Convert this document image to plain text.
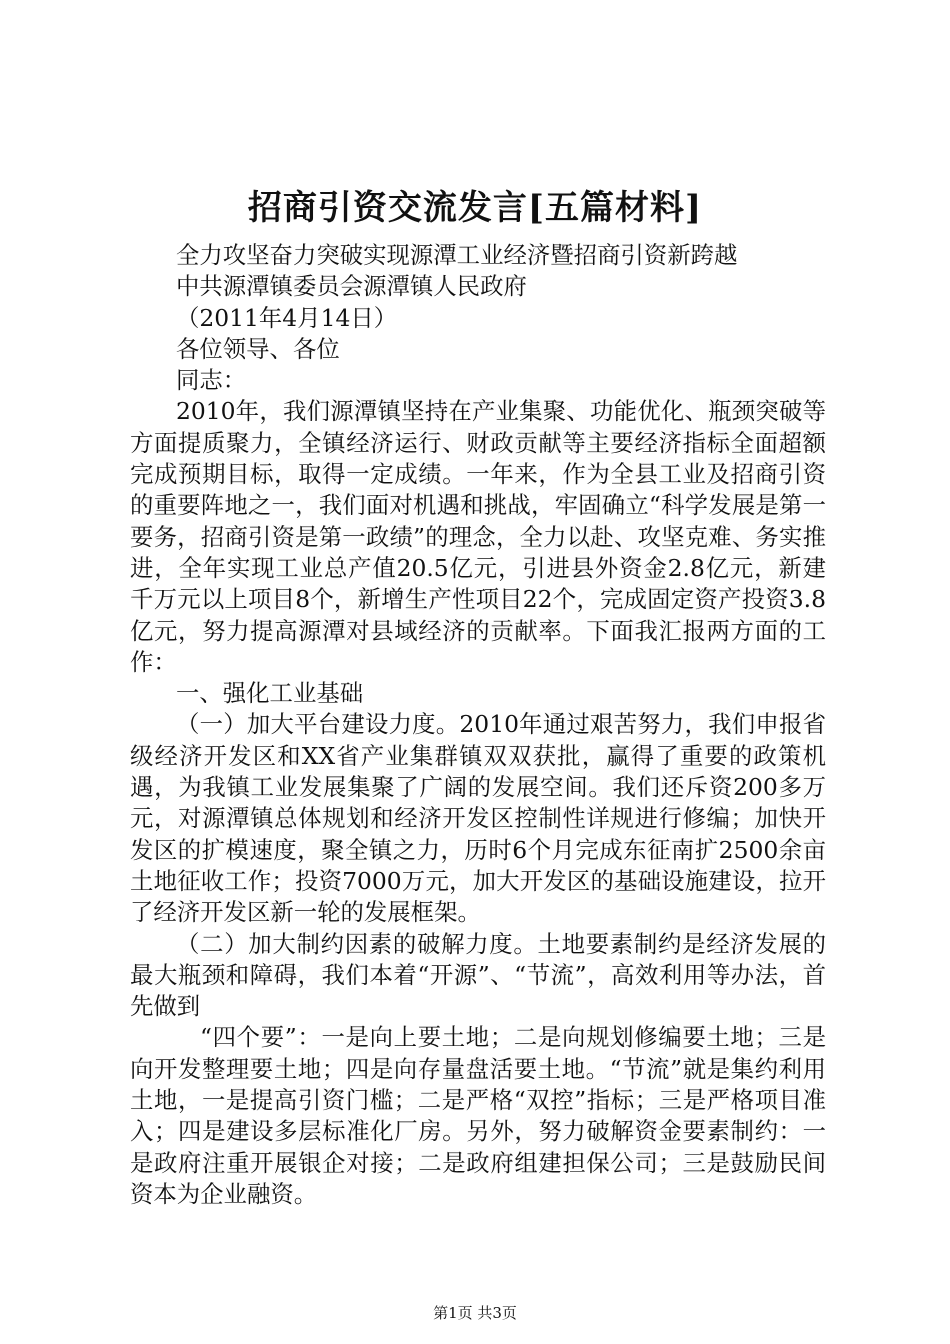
招商引资交流发言[五篇材料]

全力攻坚奋力突破实现源潭工业经济暨招商引资新跨越

中共源潭镇委员会源潭镇人民政府

（2011年4月14日）

各位领导、各位

同志：

2010年，我们源潭镇坚持在产业集聚、功能优化、瓶颈突破等方面提质聚力，全镇经济运行、财政贡献等主要经济指标全面超额完成预期目标，取得一定成绩。一年来，作为全县工业及招商引资的重要阵地之一，我们面对机遇和挑战，牢固确立“科学发展是第一要务，招商引资是第一政绩”的理念，全力以赴、攻坚克难、务实推进，全年实现工业总产值20.5亿元，引进县外资金2.8亿元，新建千万元以上项目8个，新增生产性项目22个，完成固定资产投资3.8亿元，努力提高源潭对县域经济的贡献率。下面我汇报两方面的工作：

一、强化工业基础

（一）加大平台建设力度。2010年通过艰苦努力，我们申报省级经济开发区和XX省产业集群镇双双获批，赢得了重要的政策机遇，为我镇工业发展集聚了广阔的发展空间。我们还斥资200多万元，对源潭镇总体规划和经济开发区控制性详规进行修编；加快开发区的扩模速度，聚全镇之力，历时6个月完成东征南扩2500余亩土地征收工作；投资7000万元，加大开发区的基础设施建设，拉开了经济开发区新一轮的发展框架。

（二）加大制约因素的破解力度。土地要素制约是经济发展的最大瓶颈和障碍，我们本着“开源”、“节流”，高效利用等办法，首先做到

“四个要”：一是向上要土地；二是向规划修编要土地；三是向开发整理要土地；四是向存量盘活要土地。“节流”就是集约利用土地，一是提高引资门槛；二是严格“双控”指标；三是严格项目准入；四是建设多层标准化厂房。另外，努力破解资金要素制约：一是政府注重开展银企对接；二是政府组建担保公司；三是鼓励民间资本为企业融资。

第1页 共3页
